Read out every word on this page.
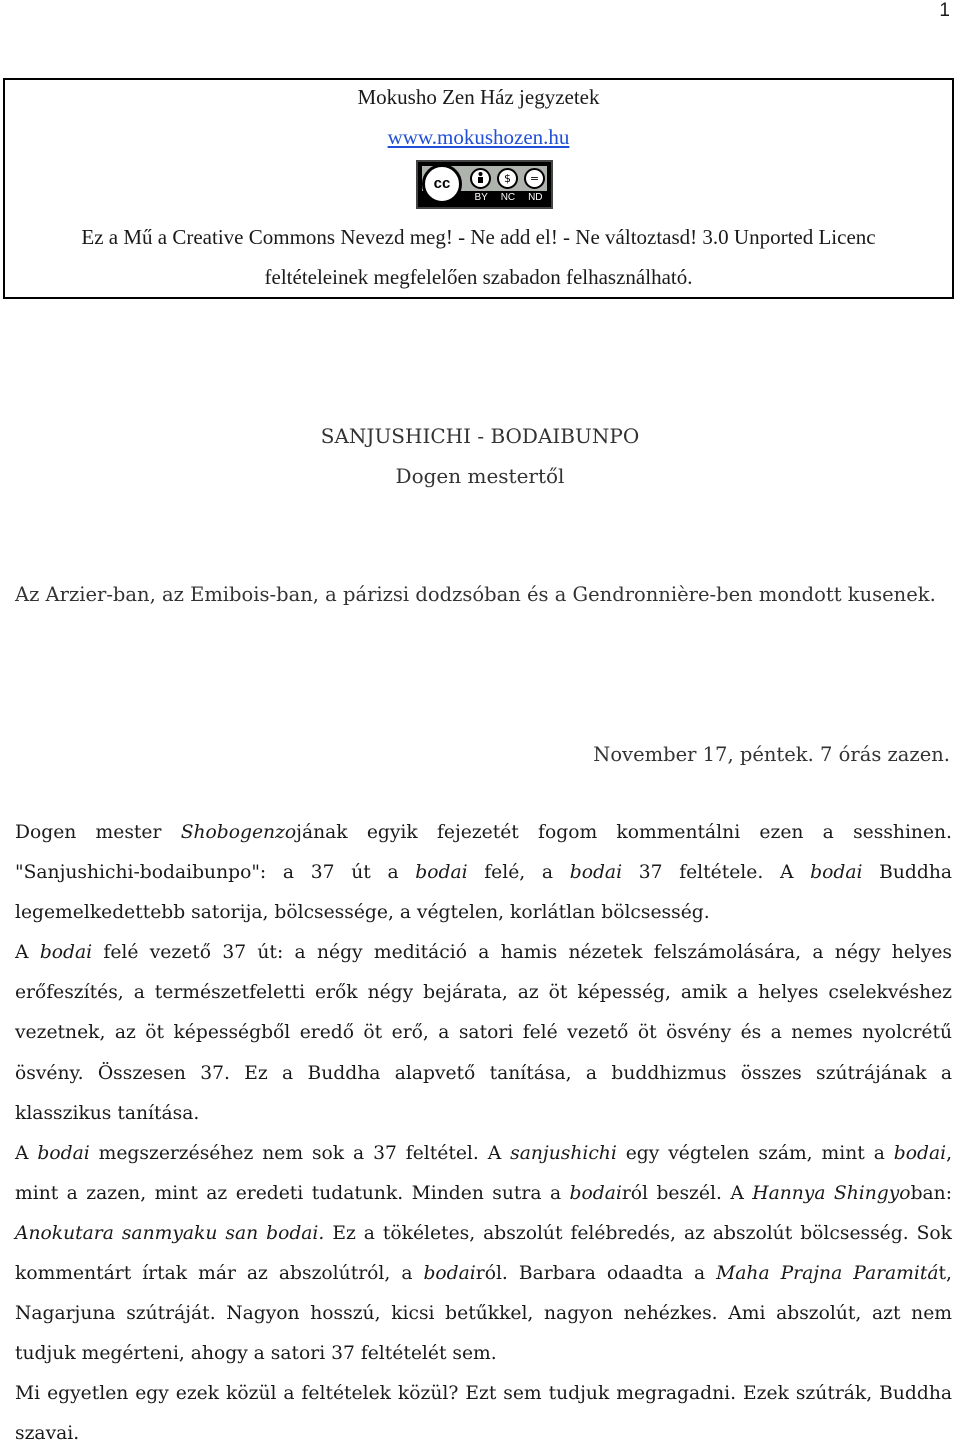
1
Mokusho Zen Ház jegyzetek
www.mokushozen.hu
cc	$	=
BY NC ND
Ez a Mű a Creative Commons Nevezd meg! - Ne add el! - Ne változtasd! 3.0 Unported Licenc
feltételeinek megfelelően szabadon felhasználható.
SANJUSHICHI - BODAIBUNPO
Dogen mestertől
Az Arzier-ban, az Emibois-ban, a párizsi dodzsóban és a Gendronnière-ben mondott kusenek.
November 17, péntek. 7 órás zazen.

Dogen mester Shobogenzojának egyik fejezetét fogom kommentálni ezen a sesshinen. "Sanjushichi-bodaibunpo": a 37 út a bodai felé, a bodai 37 feltétele. A bodai Buddha legemelkedettebb satorija, bölcsessége, a végtelen, korlátlan bölcsesség.

A bodai felé vezető 37 út: a négy meditáció a hamis nézetek felszámolására, a négy helyes erőfeszítés, a természetfeletti erők négy bejárata, az öt képesség, amik a helyes cselekvéshez vezetnek, az öt képességből eredő öt erő, a satori felé vezető öt ösvény és a nemes nyolcrétű ösvény. Összesen 37. Ez a Buddha alapvető tanítása, a buddhizmus összes szútrájának a klasszikus tanítása.

A bodai megszerzéséhez nem sok a 37 feltétel. A sanjushichi egy végtelen szám, mint a bodai, mint a zazen, mint az eredeti tudatunk. Minden sutra a bodairól beszél. A Hannya Shingyoban: Anokutara sanmyaku san bodai. Ez a tökéletes, abszolút felébredés, az abszolút bölcsesség. Sok kommentárt írtak már az abszolútról, a bodairól. Barbara odaadta a Maha Prajna Paramitát, Nagarjuna szútráját. Nagyon hosszú, kicsi betűkkel, nagyon nehézkes. Ami abszolút, azt nem tudjuk megérteni, ahogy a satori 37 feltételét sem.

Mi egyetlen egy ezek közül a feltételek közül? Ezt sem tudjuk megragadni. Ezek szútrák, Buddha szavai.
